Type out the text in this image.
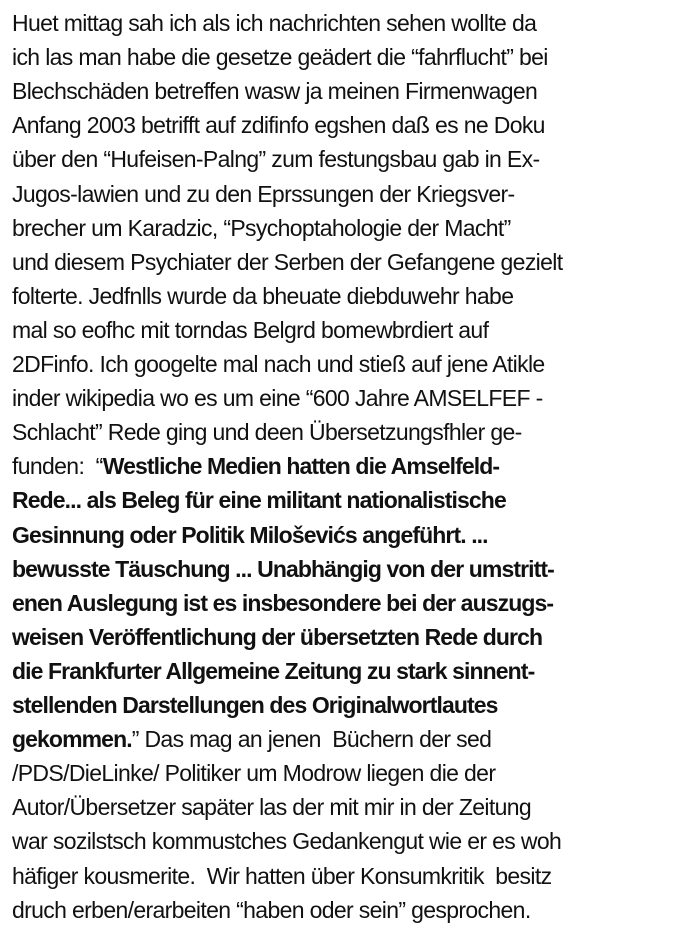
Huet mittag sah ich als ich nachrichten sehen wollte da
ich las man habe die gesetze geädert die “fahrflucht” bei
Blechschäden betreffen wasw ja meinen Firmenwagen
Anfang 2003 betrifft auf zdifinfo egshen daß es ne Doku
über den “Hufeisen-Palng” zum festungsbau gab in Ex-
Jugos-lawien und zu den Eprssungen der Kriegsver-
brecher um Karadzic, “Psychoptahologie der Macht”
und diesem Psychiater der Serben der Gefangene gezielt
folterte. Jedfnlls wurde da bheuate diebduwehr habe
mal so eofhc mit torndas Belgrd bomewbrdiert auf
2DFinfo. Ich googelte mal nach und stieß auf jene Atikle
inder wikipedia wo es um eine “600 Jahre AMSELFEF -
Schlacht” Rede ging und deen Übersetzungsfhler ge-
funden:  “Westliche Medien hatten die Amselfeld-
Rede... als Beleg für eine militant nationalistische
Gesinnung oder Politik Miloševićs angeführt. ...
bewusste Täuschung ... Unabhängig von der umstritt-
enen Auslegung ist es insbesondere bei der auszugs-
weisen Veröffentlichung der übersetzten Rede durch
die Frankfurter Allgemeine Zeitung zu stark sinnent-
stellenden Darstellungen des Originalwortlautes
gekommen.” Das mag an jenen  Büchern der sed
/PDS/DieLinke/ Politiker um Modrow liegen die der
Autor/Übersetzer sapäter las der mit mir in der Zeitung
war sozilstsch kommustches Gedankengut wie er es woh
häfiger kousmerite.  Wir hatten über Konsumkritik  besitz
druch erben/erarbeiten “haben oder sein” gesprochen.
